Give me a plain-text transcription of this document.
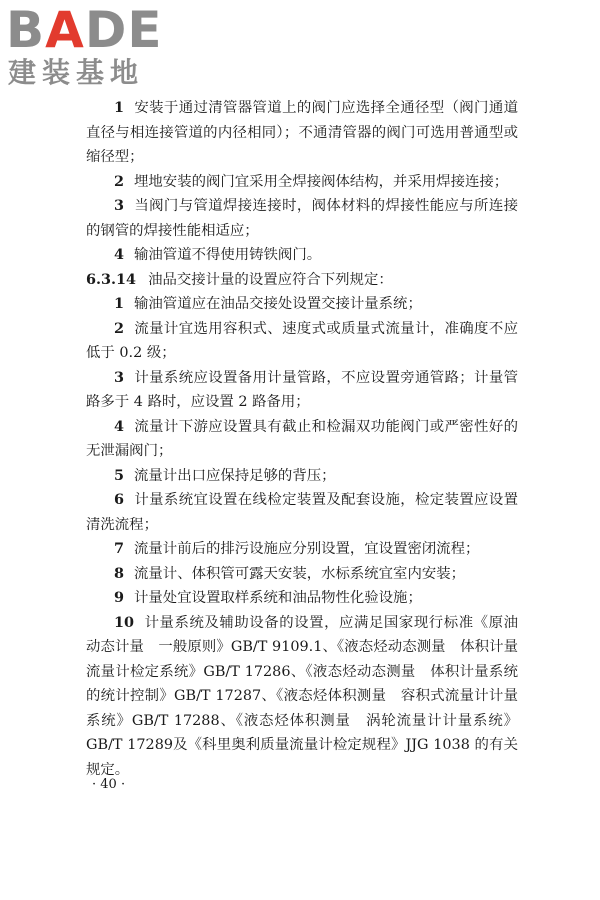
BADE
建装基地

1 安装于通过清管器管道上的阀门应选择全通径型（阀门通道直径与相连接管道的内径相同）；不通清管器的阀门可选用普通型或缩径型；

2 埋地安装的阀门宜采用全焊接阀体结构，并采用焊接连接；

3 当阀门与管道焊接连接时，阀体材料的焊接性能应与所连接的钢管的焊接性能相适应；

4 输油管道不得使用铸铁阀门。

6.3.14 油品交接计量的设置应符合下列规定：

1 输油管道应在油品交接处设置交接计量系统；

2 流量计宜选用容积式、速度式或质量式流量计，准确度不应低于 0.2 级；

3 计量系统应设置备用计量管路，不应设置旁通管路；计量管路多于 4 路时，应设置 2 路备用；

4 流量计下游应设置具有截止和检漏双功能阀门或严密性好的无泄漏阀门；

5 流量计出口应保持足够的背压；

6 计量系统宜设置在线检定装置及配套设施，检定装置应设置清洗流程；

7 流量计前后的排污设施应分别设置，宜设置密闭流程；

8 流量计、体积管可露天安装，水标系统宜室内安装；

9 计量处宜设置取样系统和油品物性化验设施；

10 计量系统及辅助设备的设置，应满足国家现行标准《原油动态计量　一般原则》GB/T 9109.1、《液态烃动态测量　体积计量流量计检定系统》GB/T 17286、《液态烃动态测量　体积计量系统的统计控制》GB/T 17287、《液态烃体积测量　容积式流量计计量系统》GB/T 17288、《液态烃体积测量　涡轮流量计计量系统》GB/T 17289及《科里奥利质量流量计检定规程》JJG 1038 的有关规定。

· 40 ·
